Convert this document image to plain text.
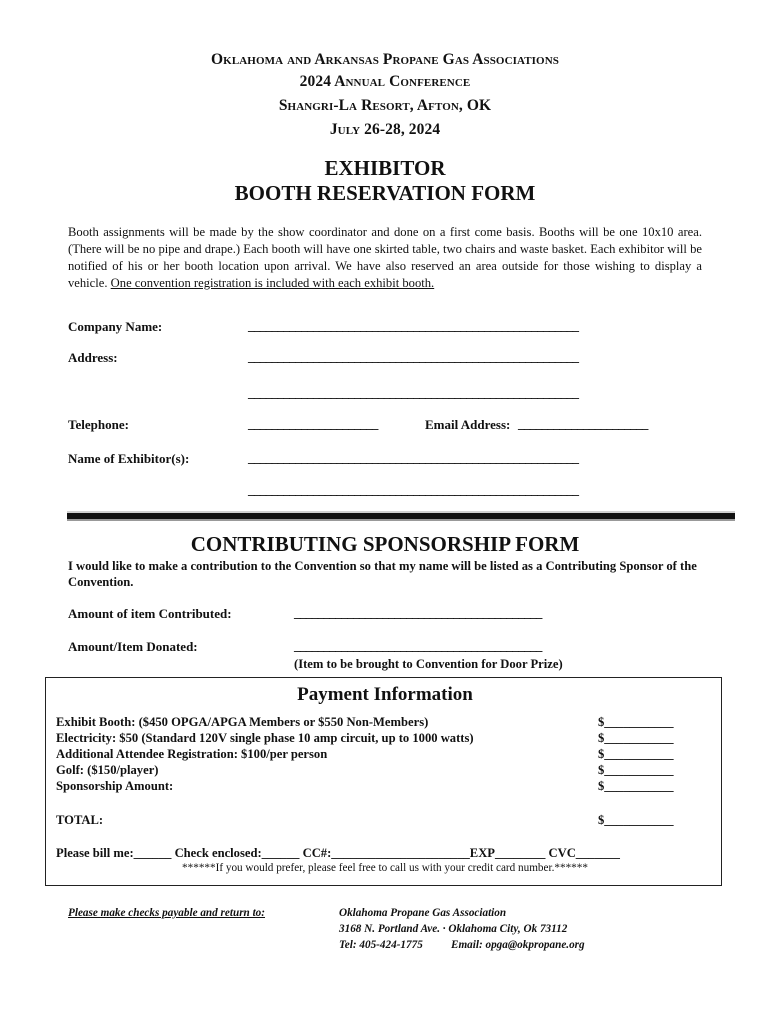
Oklahoma and Arkansas Propane Gas Associations
2024 Annual Conference
Shangri-La Resort, Afton, OK
July 26-28, 2024
EXHIBITOR
BOOTH RESERVATION FORM
Booth assignments will be made by the show coordinator and done on a first come basis. Booths will be one 10x10 area. (There will be no pipe and drape.) Each booth will have one skirted table, two chairs and waste basket. Each exhibitor will be notified of his or her booth location upon arrival. We have also reserved an area outside for those wishing to display a vehicle. One convention registration is included with each exhibit booth.
Company Name:	________________________________________________________
Address:	________________________________________________________
________________________________________________________
Telephone:	______________________	Email Address: ______________________
Name of Exhibitor(s):	________________________________________________________
________________________________________________________
CONTRIBUTING SPONSORSHIP FORM
I would like to make a contribution to the Convention so that my name will be listed as a Contributing Sponsor of the Convention.
Amount of item Contributed:	__________________________________________
Amount/Item Donated:	__________________________________________
(Item to be brought to Convention for Door Prize)
Payment Information
Exhibit Booth: ($450 OPGA/APGA Members or $550 Non-Members)	$___________
Electricity: $50 (Standard 120V single phase 10 amp circuit, up to 1000 watts)	$___________
Additional Attendee Registration: $100/per person	$___________
Golf: ($150/player)	$___________
Sponsorship Amount:	$___________
TOTAL:	$___________
Please bill me:______ Check enclosed:______ CC#:______________________EXP________ CVC_______
******If you would prefer, please feel free to call us with your credit card number.******
Please make checks payable and return to:	Oklahoma Propane Gas Association
3168 N. Portland Ave. · Oklahoma City, Ok 73112
Tel: 405-424-1775	Email: opga@okpropane.org
